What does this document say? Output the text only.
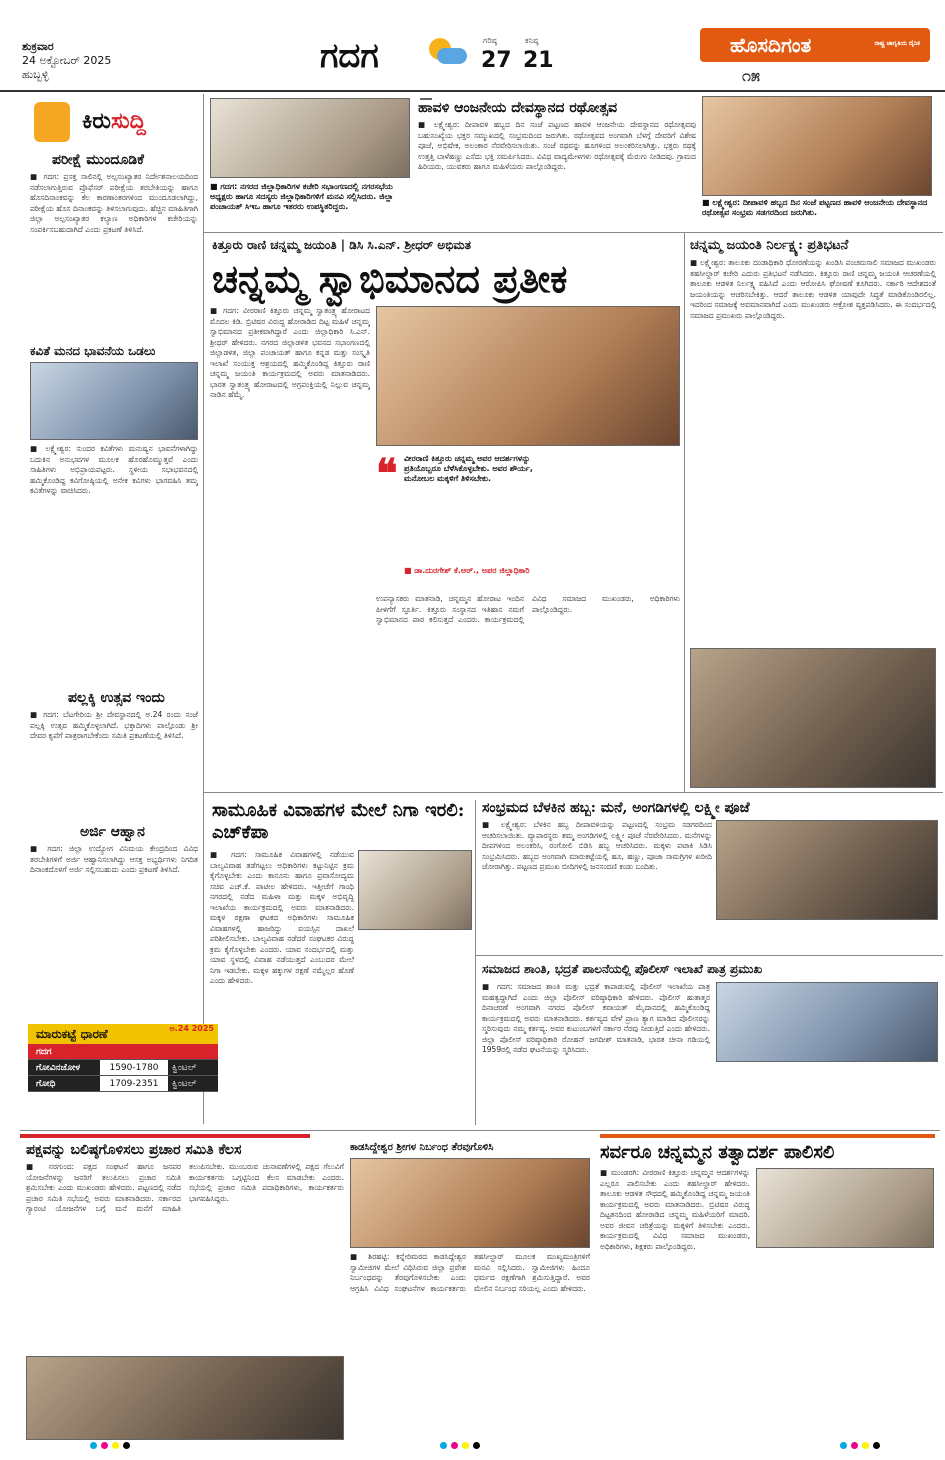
ಶುಕ್ರವಾರ
24 ಅಕ್ಟೋಬರ್ 2025
ಹುಬ್ಬಳ್ಳಿ	ಗದಗ	ಗರಿಷ್ಠ
27
ಕನಿಷ್ಠ
21
ಹೊಸದಿಗಂತ	ರಾಷ್ಟ್ರ ಜಾಗೃತಿಯ ದೈನಿಕ
೧೫
ಕಿರುಸುದ್ದಿ
ಪರೀಕ್ಷೆ ಮುಂದೂಡಿಕೆ
■ ಗದಗ: ಪ್ರಸಕ್ತ ಸಾಲಿನಲ್ಲಿ ಅಲ್ಪಸಂಖ್ಯಾತರ ನಿರ್ದೇಶನಾಲಯದಿಂದ ನಡೆಸಲಾಗುತ್ತಿರುವ ಪ್ರೊಫೆಸರ್ ಪರೀಕ್ಷೆಯ ತರಬೇತಿಯನ್ನು ಹಾಗೂ ಹೊಸದಿನಾಂಕವನ್ನು ಕೆಲ ಕಾರಣಾಂತರಗಳಿಂದ ಮುಂದೂಡಲಾಗಿದ್ದು, ಪರೀಕ್ಷೆಯ ಹೊಸ ದಿನಾಂಕವನ್ನು ತಿಳಿಸಲಾಗುವುದು. ಹೆಚ್ಚಿನ ಮಾಹಿತಿಗಾಗಿ ಜಿಲ್ಲಾ ಅಲ್ಪಸಂಖ್ಯಾತರ ಕಲ್ಯಾಣ ಅಧಿಕಾರಿಗಳ ಕಚೇರಿಯನ್ನು ಸಂಪರ್ಕಿಸಬಹುದಾಗಿದೆ ಎಂದು ಪ್ರಕಟಣೆ ತಿಳಿಸಿದೆ.
ಕವಿತೆ ಮನದ ಭಾವನೆಯ ಒಡಲು
■ ಲಕ್ಷ್ಮೇಶ್ವರ: ಸುಂದರ ಕವಿತೆಗಳು ಮನುಷ್ಯನ ಭಾವನೆಗಳಾಗಿದ್ದು ಬದುಕಿನ ಅನುಭವಗಳ ಮೂಲಕ ಹೊರಹೊಮ್ಮುತ್ತವೆ ಎಂದು ಸಾಹಿತಿಗಳು ಅಭಿಪ್ರಾಯಪಟ್ಟರು. ಸ್ಥಳೀಯ ಸಭಾಭವನದಲ್ಲಿ ಹಮ್ಮಿಕೊಂಡಿದ್ದ ಕವಿಗೋಷ್ಠಿಯಲ್ಲಿ ಅನೇಕ ಕವಿಗಳು ಭಾಗವಹಿಸಿ ತಮ್ಮ ಕವಿತೆಗಳನ್ನು ವಾಚಿಸಿದರು.
ಪಲ್ಲಕ್ಕಿ ಉತ್ಸವ ಇಂದು
■ ಗದಗ: ಬೆಟಗೇರಿಯ ಶ್ರೀ ದೇವಸ್ಥಾನದಲ್ಲಿ ಅ.24 ರಂದು ಸಂಜೆ ಪಲ್ಲಕ್ಕಿ ಉತ್ಸವ ಹಮ್ಮಿಕೊಳ್ಳಲಾಗಿದೆ. ಭಕ್ತಾದಿಗಳು ಪಾಲ್ಗೊಂಡು ಶ್ರೀ ದೇವರ ಕೃಪೆಗೆ ಪಾತ್ರರಾಗಬೇಕೆಂದು ಸಮಿತಿ ಪ್ರಕಟಣೆಯಲ್ಲಿ ತಿಳಿಸಿದೆ.
ಅರ್ಜಿ ಆಹ್ವಾನ
■ ಗದಗ: ಜಿಲ್ಲಾ ಉದ್ಯೋಗ ವಿನಿಮಯ ಕೇಂದ್ರದಿಂದ ವಿವಿಧ ತರಬೇತಿಗಳಿಗೆ ಅರ್ಜಿ ಆಹ್ವಾನಿಸಲಾಗಿದ್ದು ಆಸಕ್ತ ಅಭ್ಯರ್ಥಿಗಳು ನಿಗದಿತ ದಿನಾಂಕದೊಳಗೆ ಅರ್ಜಿ ಸಲ್ಲಿಸಬಹುದು ಎಂದು ಪ್ರಕಟಣೆ ತಿಳಿಸಿದೆ.
ಮಾರುಕಟ್ಟೆ ಧಾರಣೆ	ಅ.24 2025
ಗದಗ
ಗೋವಿನಜೋಳ	1590-1780	ಕ್ವಿಂಟಲ್
ಗೋಧಿ	1709-2351	ಕ್ವಿಂಟಲ್
■ ಗದಗ: ನಗರದ ಜಿಲ್ಲಾಧಿಕಾರಿಗಳ ಕಚೇರಿ ಸಭಾಂಗಣದಲ್ಲಿ ನಗರಸಭೆಯ ಅಧ್ಯಕ್ಷರು ಹಾಗೂ ಸದಸ್ಯರು ಜಿಲ್ಲಾಧಿಕಾರಿಗಳಿಗೆ ಮನವಿ ಸಲ್ಲಿಸಿದರು. ಜಿಲ್ಲಾ ಪಂಚಾಯತ್ ಸಿಇಒ ಹಾಗೂ ಇತರರು ಉಪಸ್ಥಿತರಿದ್ದರು.
ಹಾವಳಿ ಆಂಜನೇಯ ದೇವಸ್ಥಾನದ ರಥೋತ್ಸವ
■ ಲಕ್ಷ್ಮೇಶ್ವರ: ದೀಪಾವಳಿ ಹಬ್ಬದ ದಿನ ಸಂಜೆ ಪಟ್ಟಣದ ಹಾವಳಿ ಆಂಜನೇಯ ದೇವಸ್ಥಾನದ ರಥೋತ್ಸವವು ಬಹುಸಂಖ್ಯೆಯ ಭಕ್ತರ ಸಮ್ಮುಖದಲ್ಲಿ ಸಂಭ್ರಮದಿಂದ ಜರುಗಿತು. ರಥೋತ್ಸವದ ಅಂಗವಾಗಿ ಬೆಳಗ್ಗೆ ದೇವರಿಗೆ ವಿಶೇಷ ಪೂಜೆ, ಅಭಿಷೇಕ, ಅಲಂಕಾರ ನೆರವೇರಿಸಲಾಯಿತು. ಸಂಜೆ ರಥವನ್ನು ಹೂಗಳಿಂದ ಅಲಂಕರಿಸಲಾಗಿತ್ತು. ಭಕ್ತರು ರಥಕ್ಕೆ ಉತ್ತತ್ತಿ ಬಾಳೆಹಣ್ಣು ಎಸೆದು ಭಕ್ತಿ ಸಮರ್ಪಿಸಿದರು. ವಿವಿಧ ವಾದ್ಯಮೇಳಗಳು ರಥೋತ್ಸವಕ್ಕೆ ಮೆರುಗು ನೀಡಿದವು. ಗ್ರಾಮದ ಹಿರಿಯರು, ಯುವಕರು ಹಾಗೂ ಮಹಿಳೆಯರು ಪಾಲ್ಗೊಂಡಿದ್ದರು.
■ ಲಕ್ಷ್ಮೇಶ್ವರ: ದೀಪಾವಳಿ ಹಬ್ಬದ ದಿನ ಸಂಜೆ ಪಟ್ಟಣದ ಹಾವಳಿ ಆಂಜನೇಯ ದೇವಸ್ಥಾನದ ರಥೋತ್ಸವ ಸಂಭ್ರಮ ಸಡಗರದಿಂದ ಜರುಗಿತು.
ಕಿತ್ತೂರು ರಾಣಿ ಚನ್ನಮ್ಮ ಜಯಂತಿ | ಡಿಸಿ ಸಿ.ಎನ್. ಶ್ರೀಧರ್ ಅಭಿಮತ
ಚನ್ನಮ್ಮ ಸ್ವಾಭಿಮಾನದ ಪ್ರತೀಕ
■ ಗದಗ: ವೀರರಾಣಿ ಕಿತ್ತೂರು ಚನ್ನಮ್ಮ ಸ್ವಾತಂತ್ರ್ಯ ಹೋರಾಟದ ಮೊದಲ ಕಿಡಿ. ಬ್ರಿಟಿಷರ ವಿರುದ್ಧ ಹೋರಾಡಿದ ದಿಟ್ಟ ಮಹಿಳೆ ಚನ್ನಮ್ಮ ಸ್ವಾಭಿಮಾನದ ಪ್ರತೀಕವಾಗಿದ್ದಾರೆ ಎಂದು ಜಿಲ್ಲಾಧಿಕಾರಿ ಸಿ.ಎನ್. ಶ್ರೀಧರ್ ಹೇಳಿದರು. ನಗರದ ಜಿಲ್ಲಾಡಳಿತ ಭವನದ ಸಭಾಂಗಣದಲ್ಲಿ ಜಿಲ್ಲಾಡಳಿತ, ಜಿಲ್ಲಾ ಪಂಚಾಯತ್ ಹಾಗೂ ಕನ್ನಡ ಮತ್ತು ಸಂಸ್ಕೃತಿ ಇಲಾಖೆ ಸಂಯುಕ್ತ ಆಶ್ರಯದಲ್ಲಿ ಹಮ್ಮಿಕೊಂಡಿದ್ದ ಕಿತ್ತೂರು ರಾಣಿ ಚನ್ನಮ್ಮ ಜಯಂತಿ ಕಾರ್ಯಕ್ರಮದಲ್ಲಿ ಅವರು ಮಾತನಾಡಿದರು. ಭಾರತ ಸ್ವಾತಂತ್ರ್ಯ ಹೋರಾಟದಲ್ಲಿ ಅಗ್ರಪಂಕ್ತಿಯಲ್ಲಿ ನಿಲ್ಲುವ ಚನ್ನಮ್ಮ ನಾಡಿನ ಹೆಮ್ಮೆ.
❝ ವೀರರಾಣಿ ಕಿತ್ತೂರು ಚನ್ನಮ್ಮ ಅವರ ಆದರ್ಶಗಳನ್ನು ಪ್ರತಿಯೊಬ್ಬರೂ ಬೆಳೆಸಿಕೊಳ್ಳಬೇಕು. ಅವರ ಶೌರ್ಯ, ಮನೋಬಲ ಮಕ್ಕಳಿಗೆ ತಿಳಿಸಬೇಕು.
■ ಡಾ.ದುರಗೇಶ್ ಕೆ.ಆರ್., ಅಪರ ಜಿಲ್ಲಾಧಿಕಾರಿ
ಉಪನ್ಯಾಸಕರು ಮಾತನಾಡಿ, ಚನ್ನಮ್ಮನ ಹೋರಾಟ ಇಂದಿನ ಪೀಳಿಗೆಗೆ ಸ್ಫೂರ್ತಿ. ಕಿತ್ತೂರು ಸಂಸ್ಥಾನದ ಇತಿಹಾಸ ನಮಗೆ ಸ್ವಾಭಿಮಾನದ ಪಾಠ ಕಲಿಸುತ್ತದೆ ಎಂದರು. ಕಾರ್ಯಕ್ರಮದಲ್ಲಿ ವಿವಿಧ ಸಮಾಜದ ಮುಖಂಡರು, ಅಧಿಕಾರಿಗಳು ಪಾಲ್ಗೊಂಡಿದ್ದರು.
ಚನ್ನಮ್ಮ ಜಯಂತಿ ನಿರ್ಲಕ್ಷ್ಯ: ಪ್ರತಿಭಟನೆ
■ ಲಕ್ಷ್ಮೇಶ್ವರ: ತಾಲೂಕು ದಂಡಾಧಿಕಾರಿ ಧೋರಣೆಯನ್ನು ಖಂಡಿಸಿ ಪಂಚಮಸಾಲಿ ಸಮಾಜದ ಮುಖಂಡರು ತಹಸೀಲ್ದಾರ್ ಕಚೇರಿ ಎದುರು ಪ್ರತಿಭಟನೆ ನಡೆಸಿದರು. ಕಿತ್ತೂರು ರಾಣಿ ಚನ್ನಮ್ಮ ಜಯಂತಿ ಆಚರಣೆಯಲ್ಲಿ ತಾಲೂಕು ಆಡಳಿತ ನಿರ್ಲಕ್ಷ್ಯ ವಹಿಸಿದೆ ಎಂದು ಆರೋಪಿಸಿ ಘೋಷಣೆ ಕೂಗಿದರು. ಸರ್ಕಾರಿ ಆದೇಶದಂತೆ ಜಯಂತಿಯನ್ನು ಆಚರಿಸಬೇಕಿತ್ತು. ಆದರೆ ತಾಲೂಕು ಆಡಳಿತ ಯಾವುದೇ ಸಿದ್ಧತೆ ಮಾಡಿಕೊಂಡಿರಲಿಲ್ಲ. ಇದರಿಂದ ಸಮಾಜಕ್ಕೆ ಅವಮಾನವಾಗಿದೆ ಎಂದು ಮುಖಂಡರು ಆಕ್ರೋಶ ವ್ಯಕ್ತಪಡಿಸಿದರು. ಈ ಸಂದರ್ಭದಲ್ಲಿ ಸಮಾಜದ ಪ್ರಮುಖರು ಪಾಲ್ಗೊಂಡಿದ್ದರು.
ಸಾಮೂಹಿಕ ವಿವಾಹಗಳ ಮೇಲೆ ನಿಗಾ ಇರಲಿ: ಎಚ್‌ಕೆಪಾ
■ ಗದಗ: ಸಾಮೂಹಿಕ ವಿವಾಹಗಳಲ್ಲಿ ನಡೆಯುವ ಬಾಲ್ಯವಿವಾಹ ತಡೆಗಟ್ಟಲು ಅಧಿಕಾರಿಗಳು ಕಟ್ಟುನಿಟ್ಟಿನ ಕ್ರಮ ಕೈಗೊಳ್ಳಬೇಕು ಎಂದು ಕಾನೂನು ಹಾಗೂ ಪ್ರವಾಸೋದ್ಯಮ ಸಚಿವ ಎಚ್.ಕೆ. ಪಾಟೀಲ ಹೇಳಿದರು. ಇತ್ತೀಚೆಗೆ ಗಾಂಧಿ ನಗರದಲ್ಲಿ ನಡೆದ ಮಹಿಳಾ ಮತ್ತು ಮಕ್ಕಳ ಅಭಿವೃದ್ಧಿ ಇಲಾಖೆಯ ಕಾರ್ಯಕ್ರಮದಲ್ಲಿ ಅವರು ಮಾತನಾಡಿದರು. ಮಕ್ಕಳ ರಕ್ಷಣಾ ಘಟಕದ ಅಧಿಕಾರಿಗಳು ಸಾಮೂಹಿಕ ವಿವಾಹಗಳಲ್ಲಿ ಹಾಜರಿದ್ದು ವಯಸ್ಸಿನ ದಾಖಲೆ ಪರಿಶೀಲಿಸಬೇಕು. ಬಾಲ್ಯವಿವಾಹ ನಡೆದರೆ ಸಂಘಟಕರ ವಿರುದ್ಧ ಕ್ರಮ ಕೈಗೊಳ್ಳಬೇಕು ಎಂದರು. ಯಾವ ಸಂದರ್ಭದಲ್ಲಿ ಮತ್ತು ಯಾವ ಸ್ಥಳದಲ್ಲಿ ವಿವಾಹ ನಡೆಯುತ್ತದೆ ಎಂಬುದರ ಮೇಲೆ ನಿಗಾ ಇಡಬೇಕು. ಮಕ್ಕಳ ಹಕ್ಕುಗಳ ರಕ್ಷಣೆ ನಮ್ಮೆಲ್ಲರ ಹೊಣೆ ಎಂದು ಹೇಳಿದರು.
ಸಂಭ್ರಮದ ಬೆಳಕಿನ ಹಬ್ಬ: ಮನೆ, ಅಂಗಡಿಗಳಲ್ಲಿ ಲಕ್ಷ್ಮೀ ಪೂಜೆ
■ ಲಕ್ಷ್ಮೇಶ್ವರ: ಬೆಳಕಿನ ಹಬ್ಬ ದೀಪಾವಳಿಯನ್ನು ಪಟ್ಟಣದಲ್ಲಿ ಸಂಭ್ರಮ ಸಡಗರದಿಂದ ಆಚರಿಸಲಾಯಿತು. ವ್ಯಾಪಾರಸ್ಥರು ತಮ್ಮ ಅಂಗಡಿಗಳಲ್ಲಿ ಲಕ್ಷ್ಮೀ ಪೂಜೆ ನೆರವೇರಿಸಿದರು. ಮನೆಗಳನ್ನು ದೀಪಗಳಿಂದ ಅಲಂಕರಿಸಿ, ರಂಗೋಲಿ ಬಿಡಿಸಿ ಹಬ್ಬ ಆಚರಿಸಿದರು. ಮಕ್ಕಳು ಪಟಾಕಿ ಸಿಡಿಸಿ ಸಂಭ್ರಮಿಸಿದರು. ಹಬ್ಬದ ಅಂಗವಾಗಿ ಮಾರುಕಟ್ಟೆಯಲ್ಲಿ ಹೂ, ಹಣ್ಣು, ಪೂಜಾ ಸಾಮಗ್ರಿಗಳ ಖರೀದಿ ಜೋರಾಗಿತ್ತು. ಪಟ್ಟಣದ ಪ್ರಮುಖ ಬೀದಿಗಳಲ್ಲಿ ಜನಸಂದಣಿ ಕಂಡು ಬಂದಿತು.
ಸಮಾಜದ ಶಾಂತಿ, ಭದ್ರತೆ ಪಾಲನೆಯಲ್ಲಿ ಪೊಲೀಸ್ ಇಲಾಖೆ ಪಾತ್ರ ಪ್ರಮುಖ
■ ಗದಗ: ಸಮಾಜದ ಶಾಂತಿ ಮತ್ತು ಭದ್ರತೆ ಕಾಪಾಡುವಲ್ಲಿ ಪೊಲೀಸ್ ಇಲಾಖೆಯ ಪಾತ್ರ ಮಹತ್ವದ್ದಾಗಿದೆ ಎಂದು ಜಿಲ್ಲಾ ಪೊಲೀಸ್ ವರಿಷ್ಠಾಧಿಕಾರಿ ಹೇಳಿದರು. ಪೊಲೀಸ್ ಹುತಾತ್ಮರ ದಿನಾಚರಣೆ ಅಂಗವಾಗಿ ನಗರದ ಪೊಲೀಸ್ ಕವಾಯತ್ ಮೈದಾನದಲ್ಲಿ ಹಮ್ಮಿಕೊಂಡಿದ್ದ ಕಾರ್ಯಕ್ರಮದಲ್ಲಿ ಅವರು ಮಾತನಾಡಿದರು. ಕರ್ತವ್ಯದ ವೇಳೆ ಪ್ರಾಣ ತ್ಯಾಗ ಮಾಡಿದ ಪೊಲೀಸರನ್ನು ಸ್ಮರಿಸುವುದು ನಮ್ಮ ಕರ್ತವ್ಯ. ಅವರ ಕುಟುಂಬಗಳಿಗೆ ಸರ್ಕಾರ ನೆರವು ನೀಡುತ್ತಿದೆ ಎಂದು ಹೇಳಿದರು. ಜಿಲ್ಲಾ ಪೊಲೀಸ್ ವರಿಷ್ಠಾಧಿಕಾರಿ ರೋಹನ್ ಜಗದೀಶ್ ಮಾತನಾಡಿ, ಭಾರತ ಚೀನಾ ಗಡಿಯಲ್ಲಿ 1959ರಲ್ಲಿ ನಡೆದ ಘಟನೆಯನ್ನು ಸ್ಮರಿಸಿದರು.
ಪಕ್ಷವನ್ನು ಬಲಿಷ್ಠಗೊಳಿಸಲು ಪ್ರಚಾರ ಸಮಿತಿ ಕೆಲಸ
■ ನರಗುಂದ: ಪಕ್ಷದ ಸಂಘಟನೆ ಹಾಗೂ ಜನಪರ ಯೋಜನೆಗಳನ್ನು ಜನರಿಗೆ ತಲುಪಿಸಲು ಪ್ರಚಾರ ಸಮಿತಿ ಶ್ರಮಿಸಬೇಕು ಎಂದು ಮುಖಂಡರು ಹೇಳಿದರು. ಪಟ್ಟಣದಲ್ಲಿ ನಡೆದ ಪ್ರಚಾರ ಸಮಿತಿ ಸಭೆಯಲ್ಲಿ ಅವರು ಮಾತನಾಡಿದರು. ಸರ್ಕಾರದ ಗ್ಯಾರಂಟಿ ಯೋಜನೆಗಳ ಬಗ್ಗೆ ಮನೆ ಮನೆಗೆ ಮಾಹಿತಿ ತಲುಪಿಸಬೇಕು. ಮುಂಬರುವ ಚುನಾವಣೆಗಳಲ್ಲಿ ಪಕ್ಷದ ಗೆಲುವಿಗೆ ಕಾರ್ಯಕರ್ತರು ಒಗ್ಗಟ್ಟಿನಿಂದ ಕೆಲಸ ಮಾಡಬೇಕು ಎಂದರು. ಸಭೆಯಲ್ಲಿ ಪ್ರಚಾರ ಸಮಿತಿ ಪದಾಧಿಕಾರಿಗಳು, ಕಾರ್ಯಕರ್ತರು ಭಾಗವಹಿಸಿದ್ದರು.
ಕಾಡಸಿದ್ದೇಶ್ವರ ಶ್ರೀಗಳ ನಿರ್ಬಂಧ ತೆರವುಗೊಳಿಸಿ
■ ಶಿರಹಟ್ಟಿ: ಕನ್ನೇರಿಮಠದ ಕಾಡಸಿದ್ದೇಶ್ವರ ಸ್ವಾಮೀಜಿಗಳ ಮೇಲೆ ವಿಧಿಸಿರುವ ಜಿಲ್ಲಾ ಪ್ರವೇಶ ನಿರ್ಬಂಧವನ್ನು ತೆರವುಗೊಳಿಸಬೇಕು ಎಂದು ಆಗ್ರಹಿಸಿ ವಿವಿಧ ಸಂಘಟನೆಗಳ ಕಾರ್ಯಕರ್ತರು ತಹಸೀಲ್ದಾರ್ ಮೂಲಕ ಮುಖ್ಯಮಂತ್ರಿಗಳಿಗೆ ಮನವಿ ಸಲ್ಲಿಸಿದರು. ಸ್ವಾಮೀಜಿಗಳು ಹಿಂದೂ ಧರ್ಮದ ರಕ್ಷಣೆಗಾಗಿ ಶ್ರಮಿಸುತ್ತಿದ್ದಾರೆ. ಅವರ ಮೇಲಿನ ನಿರ್ಬಂಧ ಸರಿಯಲ್ಲ ಎಂದು ಹೇಳಿದರು.
ಸರ್ವರೂ ಚನ್ನಮ್ಮನ ತತ್ವಾದರ್ಶ ಪಾಲಿಸಲಿ
■ ಮುಂಡರಗಿ: ವೀರರಾಣಿ ಕಿತ್ತೂರು ಚನ್ನಮ್ಮನ ಆದರ್ಶಗಳನ್ನು ಎಲ್ಲರೂ ಪಾಲಿಸಬೇಕು ಎಂದು ತಹಸೀಲ್ದಾರ್ ಹೇಳಿದರು. ತಾಲೂಕು ಆಡಳಿತ ಸೌಧದಲ್ಲಿ ಹಮ್ಮಿಕೊಂಡಿದ್ದ ಚನ್ನಮ್ಮ ಜಯಂತಿ ಕಾರ್ಯಕ್ರಮದಲ್ಲಿ ಅವರು ಮಾತನಾಡಿದರು. ಬ್ರಿಟಿಷರ ವಿರುದ್ಧ ದಿಟ್ಟತನದಿಂದ ಹೋರಾಡಿದ ಚನ್ನಮ್ಮ ಮಹಿಳೆಯರಿಗೆ ಮಾದರಿ. ಅವರ ಜೀವನ ಚರಿತ್ರೆಯನ್ನು ಮಕ್ಕಳಿಗೆ ತಿಳಿಸಬೇಕು ಎಂದರು. ಕಾರ್ಯಕ್ರಮದಲ್ಲಿ ವಿವಿಧ ಸಮಾಜದ ಮುಖಂಡರು, ಅಧಿಕಾರಿಗಳು, ಶಿಕ್ಷಕರು ಪಾಲ್ಗೊಂಡಿದ್ದರು.
